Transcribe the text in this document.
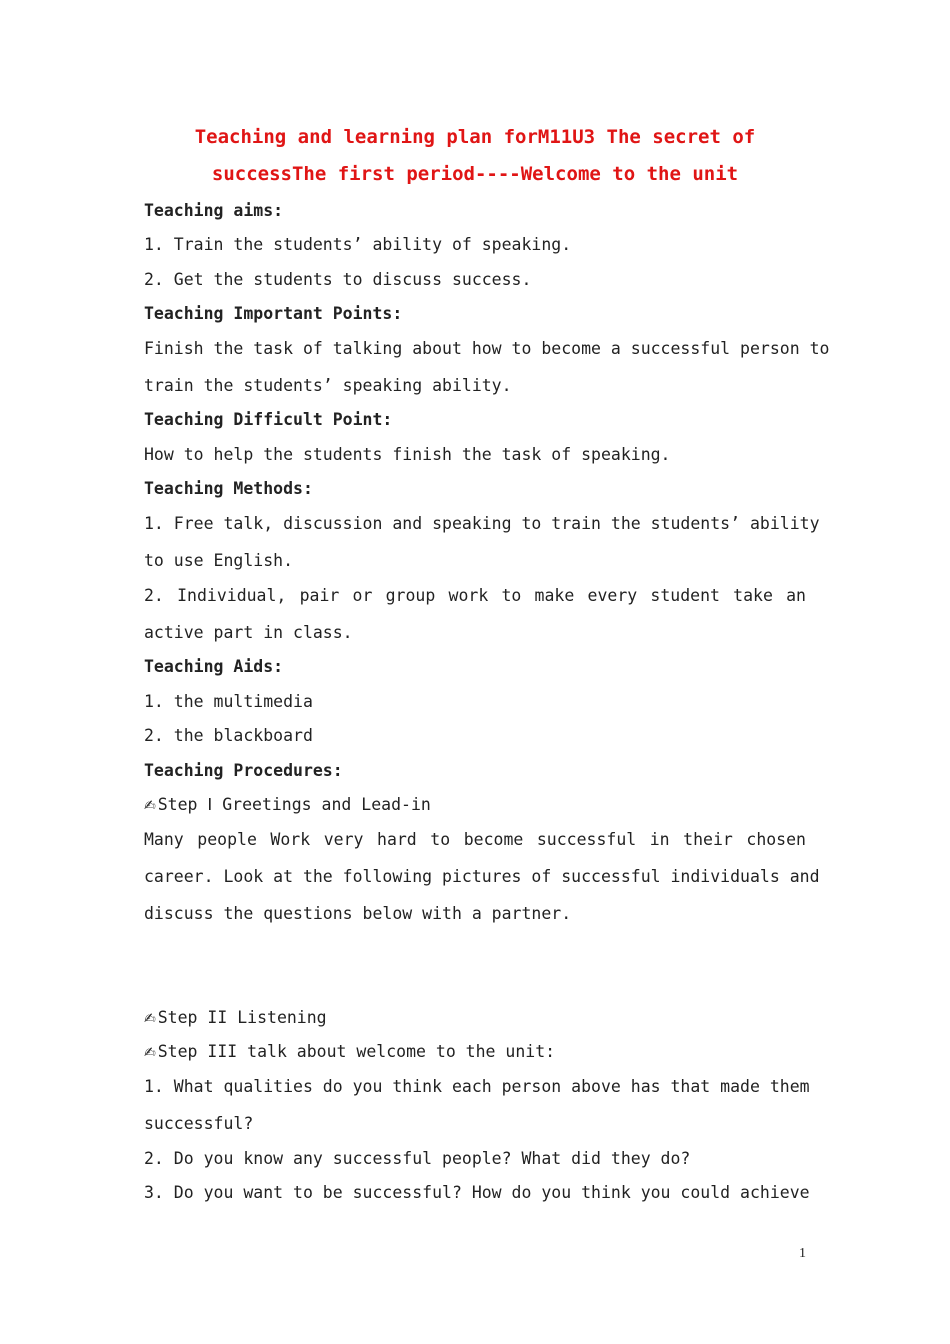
Teaching and learning plan forM11U3 The secret of
successThe first period----Welcome to the unit
Teaching aims:
1. Train the students’ ability of speaking.
2. Get the students to discuss success.
Teaching Important Points:
Finish the task of talking about how to become a successful person to
train the students’ speaking ability.
Teaching Difficult Point:
How to help the students finish the task of speaking.
Teaching Methods:
1. Free talk, discussion and speaking to train the students’ ability
to use English.
2. Individual, pair or group work to make every student take an
active part in class.
Teaching Aids:
1. the multimedia
2. the blackboard
Teaching Procedures:
✍ Step Ⅰ Greetings and Lead-in
Many people Work very hard to become successful in their chosen
career. Look at the following pictures of successful individuals and
discuss the questions below with a partner.
✍ Step II Listening
✍ Step III talk about welcome to the unit:
1. What qualities do you think each person above has that made them
successful?
2. Do you know any successful people? What did they do?
3. Do you want to be successful? How do you think you could achieve
1
